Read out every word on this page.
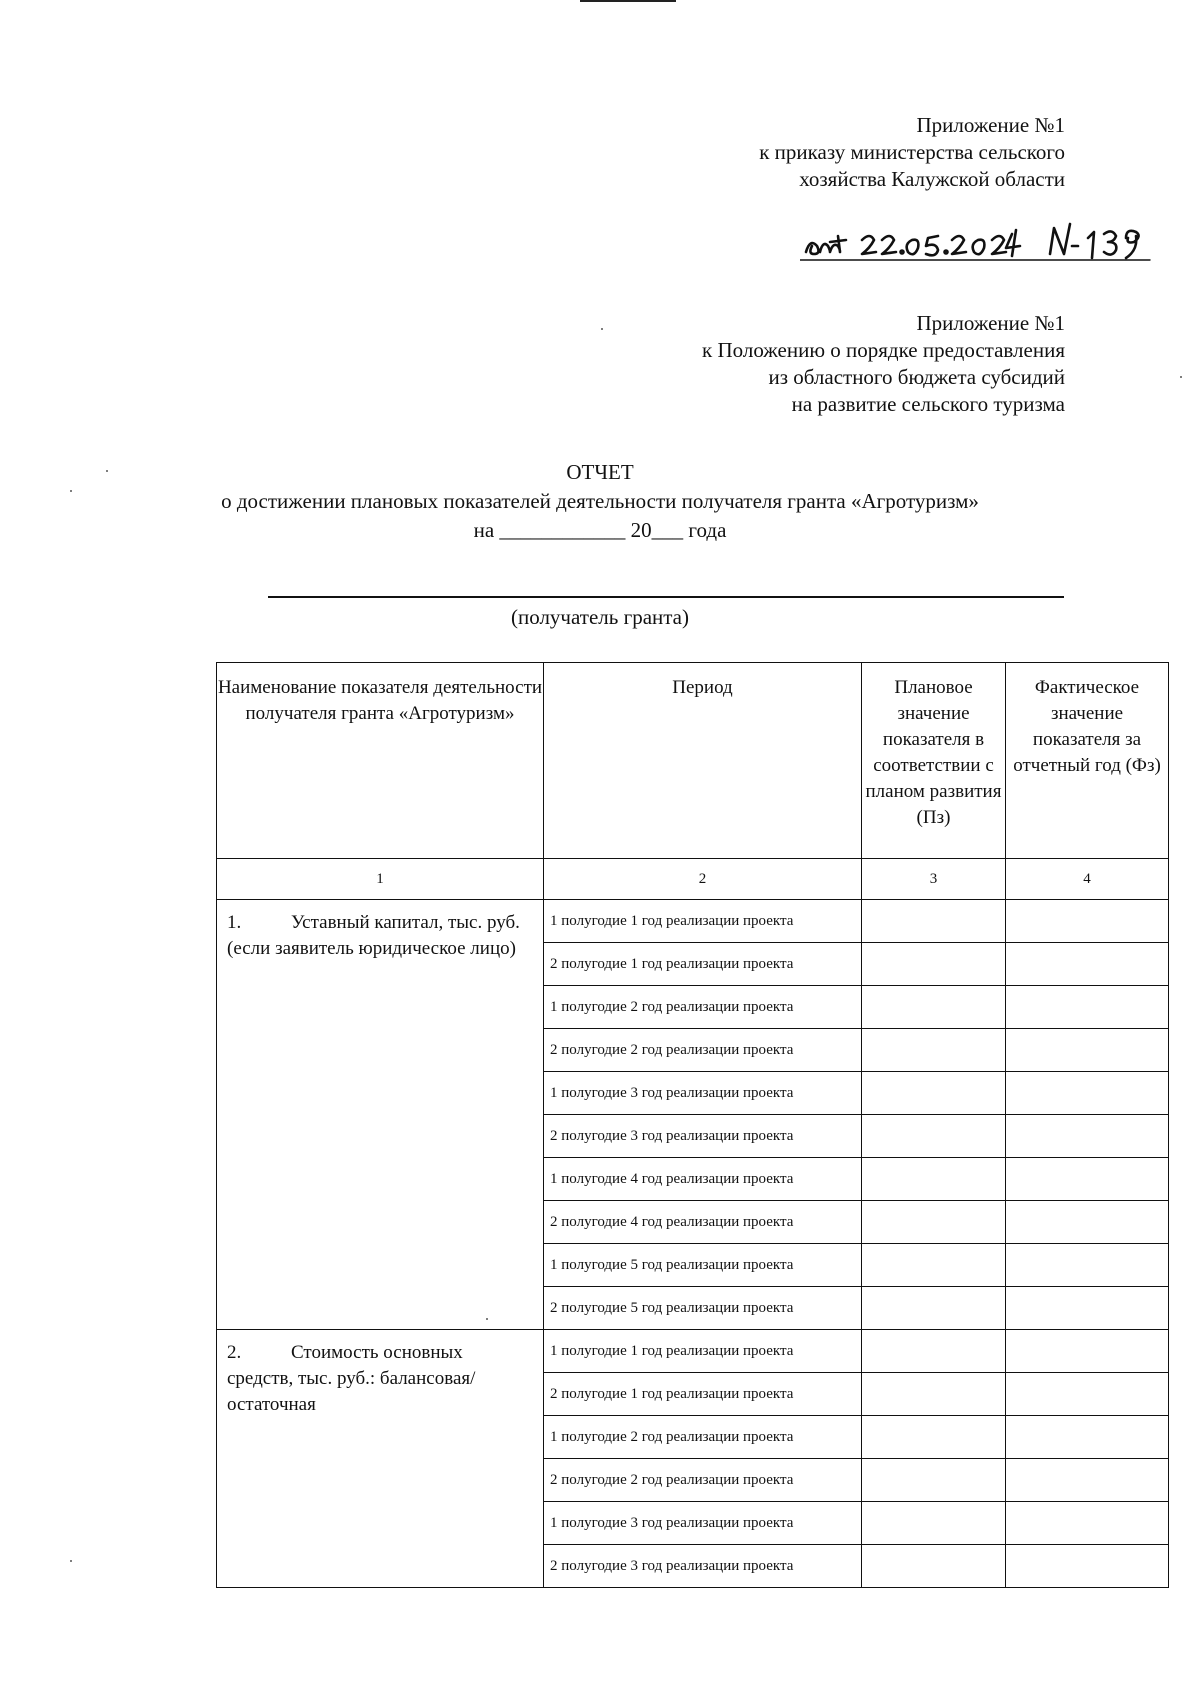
Приложение №1
к приказу министерства сельского
хозяйства Калужской области
Приложение №1
к Положению о порядке предоставления
из областного бюджета субсидий
на развитие сельского туризма
ОТЧЕТ
о достижении плановых показателей деятельности получателя гранта «Агротуризм»
на ____________ 20___ года
(получатель гранта)
Наименование показателя деятельности получателя гранта «Агротуризм»	Период	Плановое значение показателя в соответствии с планом развития (Пз)	Фактическое значение показателя за отчетный год (Фз)
1	2	3	4
1. Уставный капитал, тыс. руб. (если заявитель юридическое лицо)	1 полугодие 1 год реализации проекта		
	2 полугодие 1 год реализации проекта		
	1 полугодие 2 год реализации проекта		
	2 полугодие 2 год реализации проекта		
	1 полугодие 3 год реализации проекта		
	2 полугодие 3 год реализации проекта		
	1 полугодие 4 год реализации проекта		
	2 полугодие 4 год реализации проекта		
	1 полугодие 5 год реализации проекта		
	2 полугодие 5 год реализации проекта		
2. Стоимость основных средств, тыс. руб.: балансовая/остаточная	1 полугодие 1 год реализации проекта		
	2 полугодие 1 год реализации проекта		
	1 полугодие 2 год реализации проекта		
	2 полугодие 2 год реализации проекта		
	1 полугодие 3 год реализации проекта		
	2 полугодие 3 год реализации проекта		
